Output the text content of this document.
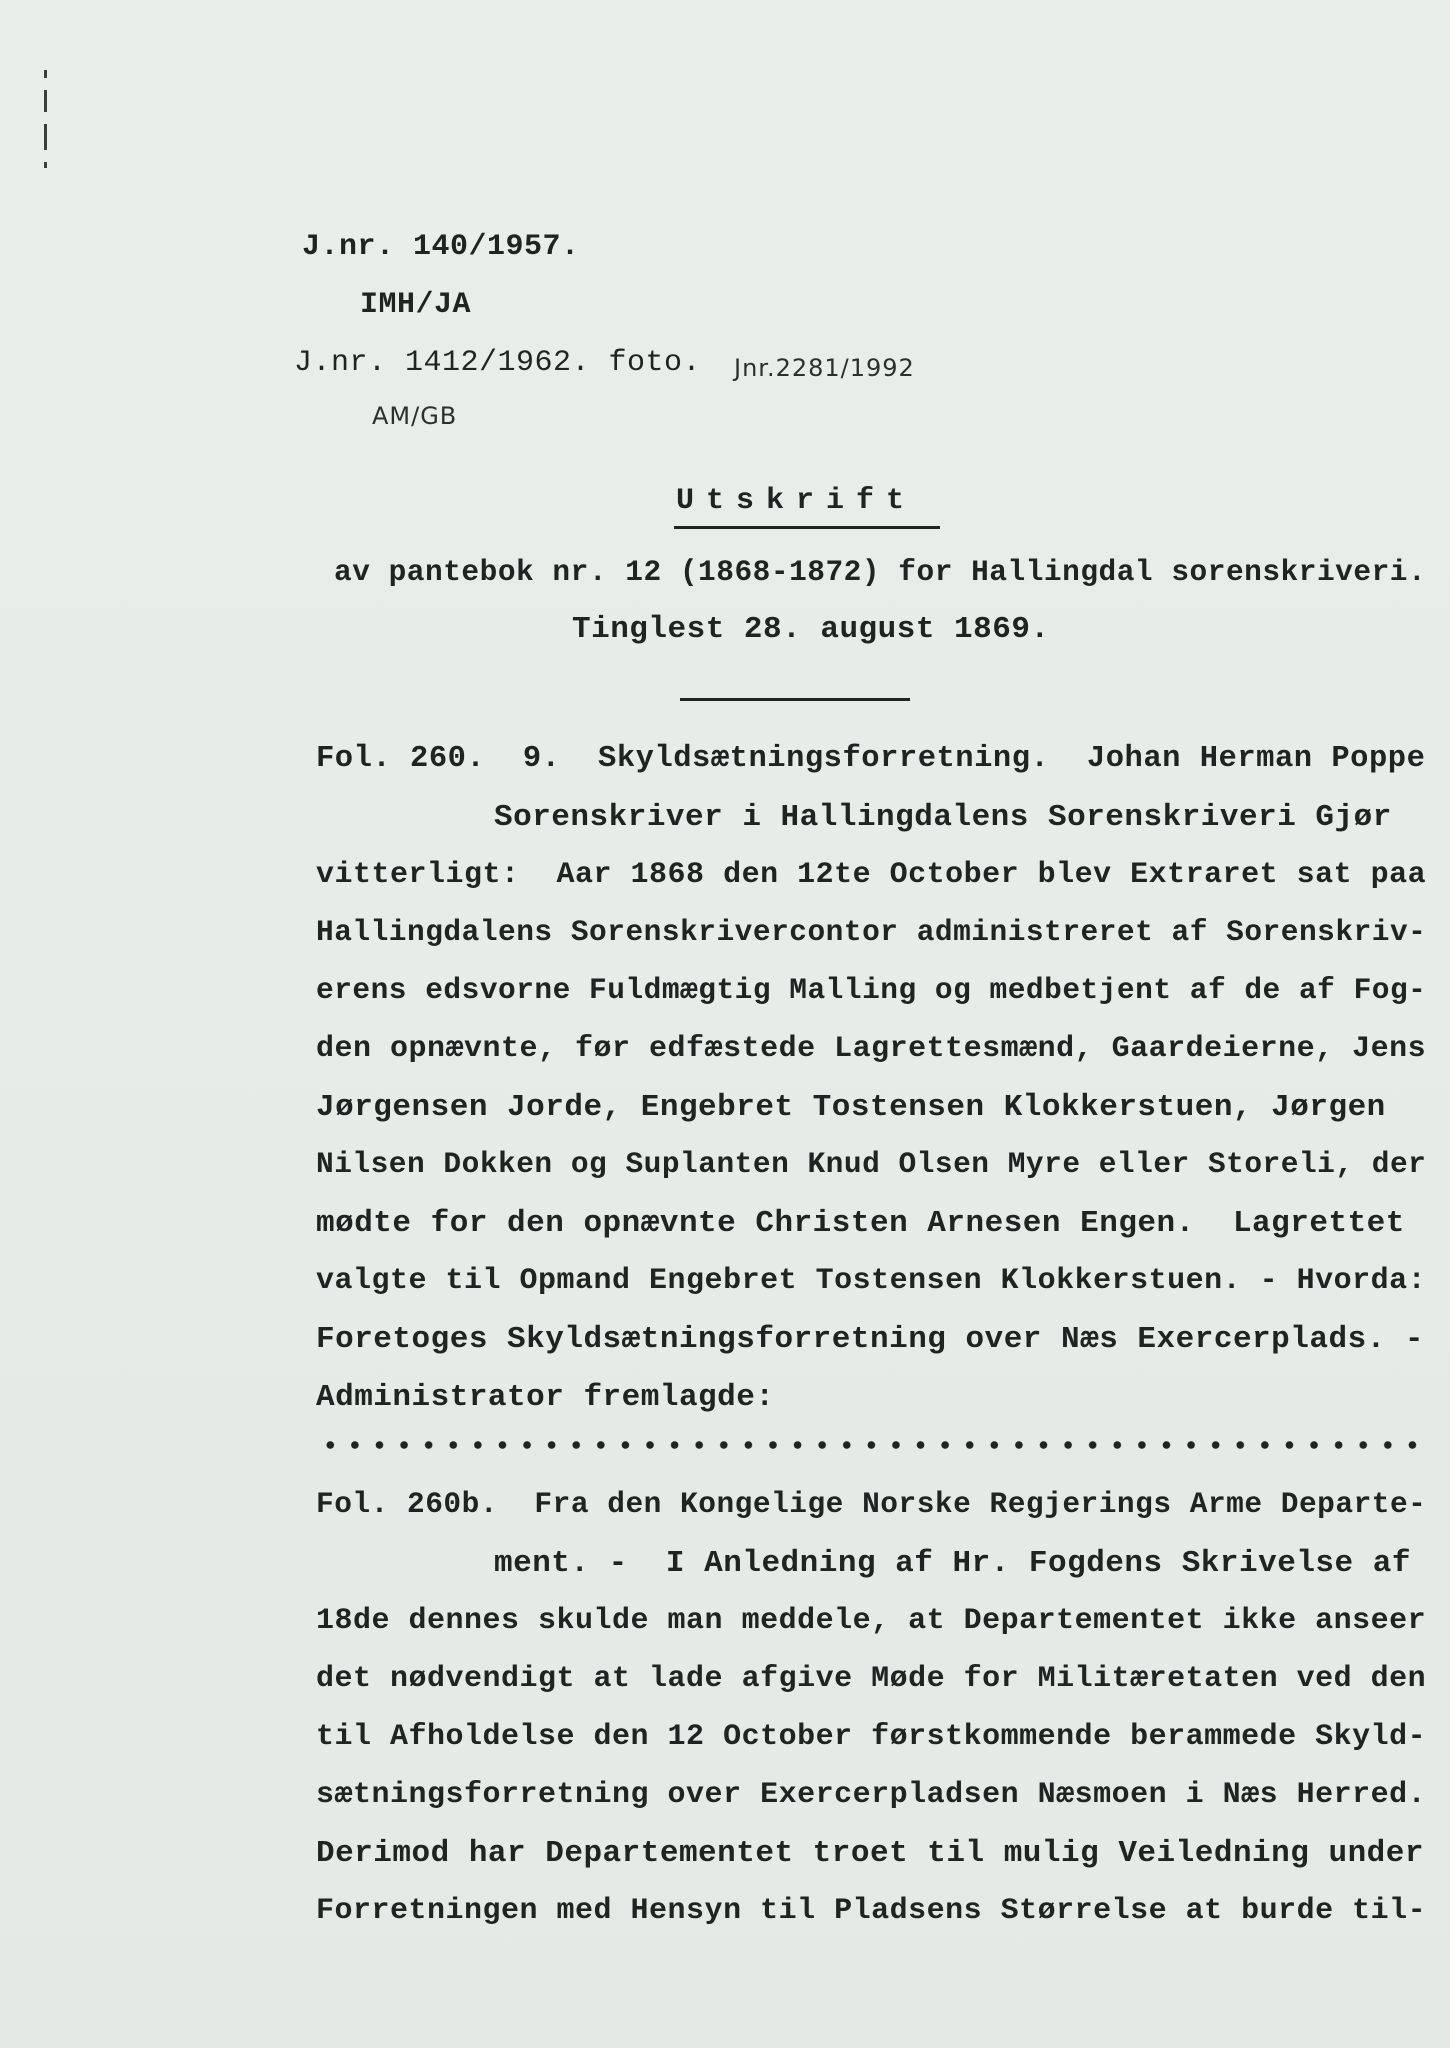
J.nr. 140/1957.
IMH/JA
J.nr. 1412/1962. foto. Jnr.2281/1992
AM/GB
Utskrift
av pantebok nr. 12 (1868-1872) for Hallingdal sorenskriveri.
Tinglest 28. august 1869.
Fol. 260.  9.  Skyldsætningsforretning.  Johan Herman Poppe
Sorenskriver i Hallingdalens Sorenskriveri Gjør
vitterligt:  Aar 1868 den 12te October blev Extraret sat paa
Hallingdalens Sorenskrivercontor administreret af Sorenskriv-
erens edsvorne Fuldmægtig Malling og medbetjent af de af Fog-
den opnævnte, før edfæstede Lagrettesmænd, Gaardeierne, Jens
Jørgensen Jorde, Engebret Tostensen Klokkerstuen, Jørgen
Nilsen Dokken og Suplanten Knud Olsen Myre eller Storeli, der
mødte for den opnævnte Christen Arnesen Engen.  Lagrettet
valgte til Opmand Engebret Tostensen Klokkerstuen. - Hvorda:
Foretoges Skyldsætningsforretning over Næs Exercerplads. -
Administrator fremlagde:
Fol. 260b.  Fra den Kongelige Norske Regjerings Arme Departe-
ment. -  I Anledning af Hr. Fogdens Skrivelse af
18de dennes skulde man meddele, at Departementet ikke anseer
det nødvendigt at lade afgive Møde for Militæretaten ved den
til Afholdelse den 12 October førstkommende berammede Skyld-
sætningsforretning over Exercerpladsen Næsmoen i Næs Herred.
Derimod har Departementet troet til mulig Veiledning under
Forretningen med Hensyn til Pladsens Størrelse at burde til-
